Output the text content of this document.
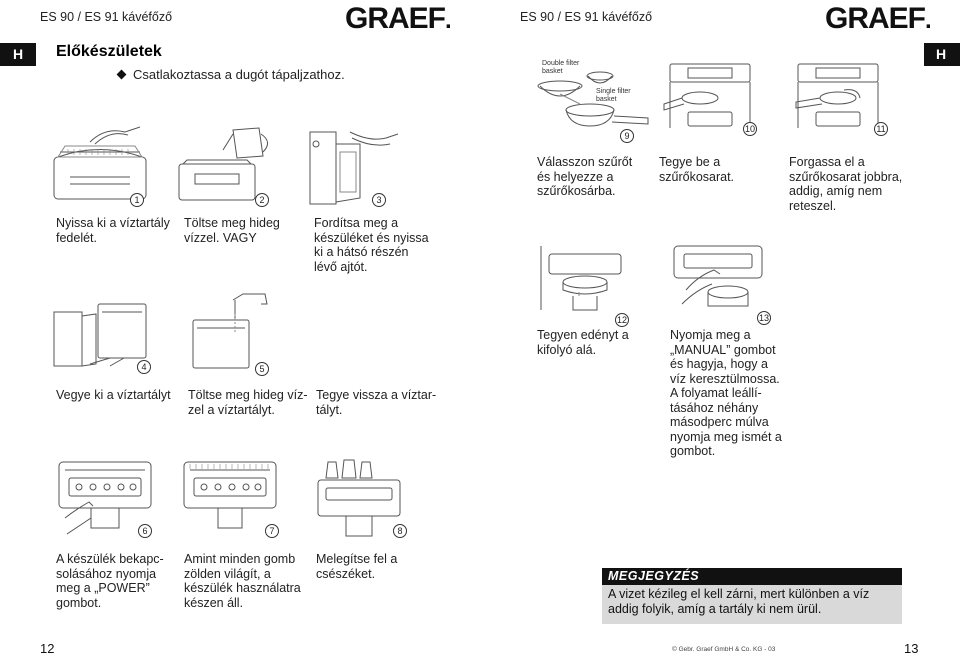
ES 90 / ES 91 kávéfőző	GRAEF.	ES 90 / ES 91 kávéfőző	GRAEF.
H	H
Előkészületek
Csatlakoztassa a dugót tápaljzathoz.
1
Nyissa ki a víztartály
fedelét.
2
Töltse meg hideg
vízzel. VAGY
3
Fordítsa meg a
készüléket és nyissa
ki a hátsó részén
lévő ajtót.
4
Vegye ki a víztartályt
5
Töltse meg hideg víz-
zel a víztartályt.
Tegye vissza a víztar-
tályt.
6
A készülék bekapc-
solásához nyomja
meg a „POWER”
gombot.
7
Amint minden gomb
zölden világít, a
készülék használatra
készen áll.
8
Melegítse fel a
csészéket.
Double filter
basket
Single filter
basket
9
Válasszon szűrőt
és helyezze a
szűrőkosárba.
10
Tegye be a
szűrőkosarat.
11
Forgassa el a
szűrőkosarat jobbra,
addig, amíg nem
reteszel.
12
Tegyen edényt a
kifolyó alá.
13
Nyomja meg a
„MANUAL” gombot
és hagyja, hogy a
víz keresztülmossa.
A folyamat leállí-
tásához néhány
másodperc múlva
nyomja meg ismét a
gombot.
MEGJEGYZÉS
A vizet kézileg el kell zárni, mert különben a víz addig folyik, amíg a tartály ki nem ürül.
12	13
© Gebr. Graef GmbH & Co. KG - 03
